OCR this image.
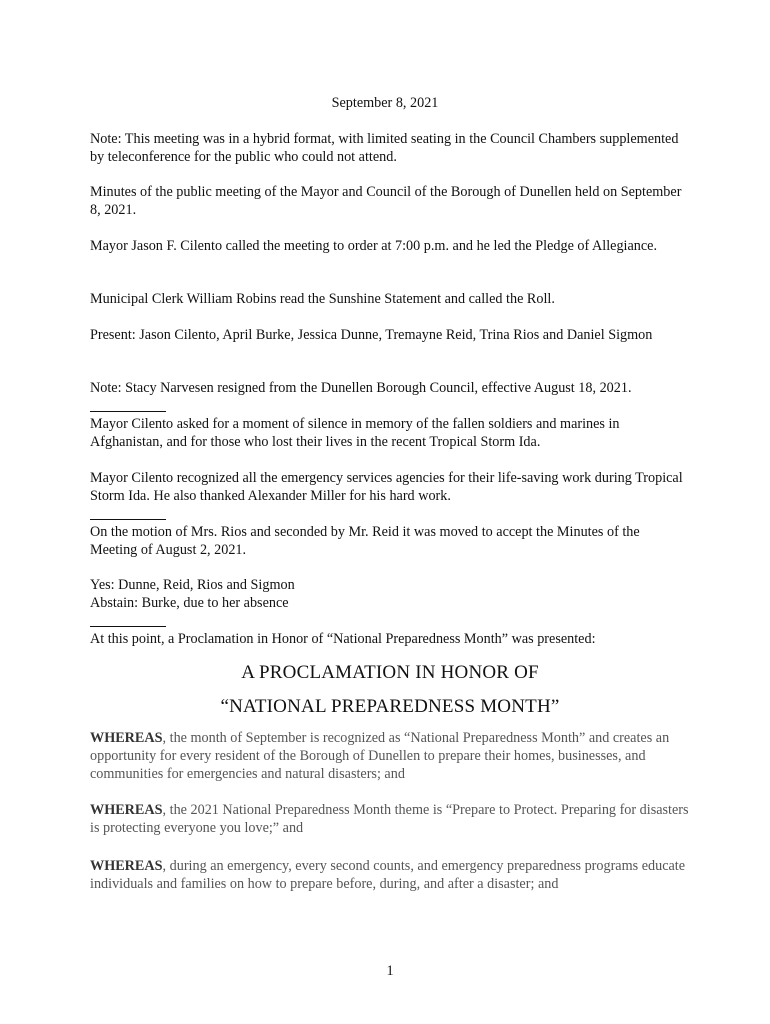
September 8, 2021

Note: This meeting was in a hybrid format, with limited seating in the Council Chambers supplemented by teleconference for the public who could not attend.

Minutes of the public meeting of the Mayor and Council of the Borough of Dunellen held on September 8, 2021.

Mayor Jason F. Cilento called the meeting to order at 7:00 p.m. and he led the Pledge of Allegiance.

Municipal Clerk William Robins read the Sunshine Statement and called the Roll.

Present: Jason Cilento, April Burke, Jessica Dunne, Tremayne Reid, Trina Rios and Daniel Sigmon

Note: Stacy Narvesen resigned from the Dunellen Borough Council, effective August 18, 2021.

Mayor Cilento asked for a moment of silence in memory of the fallen soldiers and marines in Afghanistan, and for those who lost their lives in the recent Tropical Storm Ida.

Mayor Cilento recognized all the emergency services agencies for their life-saving work during Tropical Storm Ida. He also thanked Alexander Miller for his hard work.

On the motion of Mrs. Rios and seconded by Mr. Reid it was moved to accept the Minutes of the Meeting of August 2, 2021.

Yes: Dunne, Reid, Rios and Sigmon

Abstain: Burke, due to her absence

At this point, a Proclamation in Honor of “National Preparedness Month” was presented:

A PROCLAMATION IN HONOR OF
“NATIONAL PREPAREDNESS MONTH”

WHEREAS, the month of September is recognized as “National Preparedness Month” and creates an opportunity for every resident of the Borough of Dunellen to prepare their homes, businesses, and communities for emergencies and natural disasters; and

WHEREAS, the 2021 National Preparedness Month theme is “Prepare to Protect. Preparing for disasters is protecting everyone you love;” and

WHEREAS, during an emergency, every second counts, and emergency preparedness programs educate individuals and families on how to prepare before, during, and after a disaster; and

1
